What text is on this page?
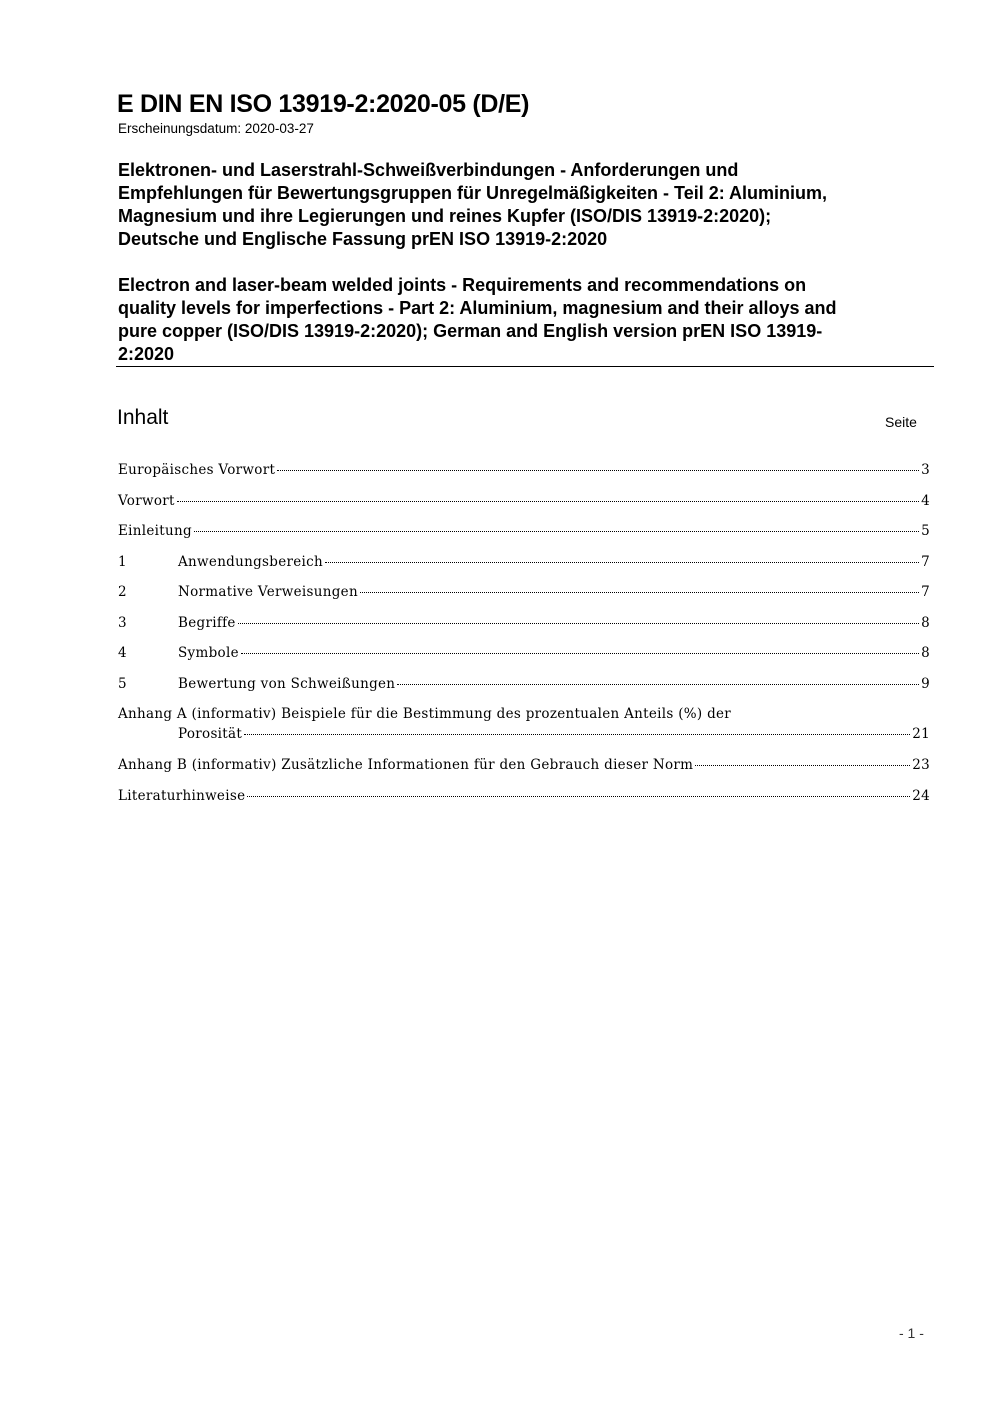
E DIN EN ISO 13919-2:2020-05 (D/E)
Erscheinungsdatum: 2020-03-27
Elektronen- und Laserstrahl-Schweißverbindungen - Anforderungen und
Empfehlungen für Bewertungsgruppen für Unregelmäßigkeiten - Teil 2: Aluminium,
Magnesium und ihre Legierungen und reines Kupfer (ISO/DIS 13919-2:2020);
Deutsche und Englische Fassung prEN ISO 13919-2:2020
Electron and laser-beam welded joints - Requirements and recommendations on
quality levels for imperfections - Part 2: Aluminium, magnesium and their alloys and
pure copper (ISO/DIS 13919-2:2020); German and English version prEN ISO 13919-
2:2020
Inhalt	Seite
Europäisches Vorwort	3
Vorwort	4
Einleitung	5
1	Anwendungsbereich	7
2	Normative Verweisungen	7
3	Begriffe	8
4	Symbole	8
5	Bewertung von Schweißungen	9
Anhang A (informativ) Beispiele für die Bestimmung des prozentualen Anteils (%) der
Porosität	21
Anhang B (informativ) Zusätzliche Informationen für den Gebrauch dieser Norm	23
Literaturhinweise	24
- 1 -
